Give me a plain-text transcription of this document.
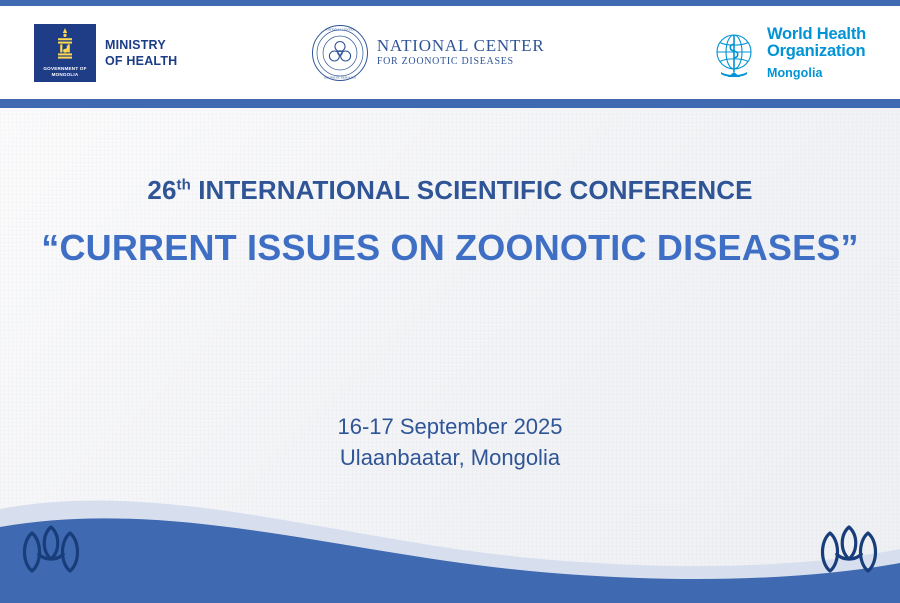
GOVERNMENT OF
MONGOLIA
MINISTRY
OF HEALTH
NATIONAL CENTER
ZOONOTIC DISEASES
NATIONAL CENTER
FOR ZOONOTIC DISEASES
World Health
Organization
Mongolia
26th INTERNATIONAL SCIENTIFIC CONFERENCE
“CURRENT ISSUES ON ZOONOTIC DISEASES”
16-17 September 2025
Ulaanbaatar, Mongolia
